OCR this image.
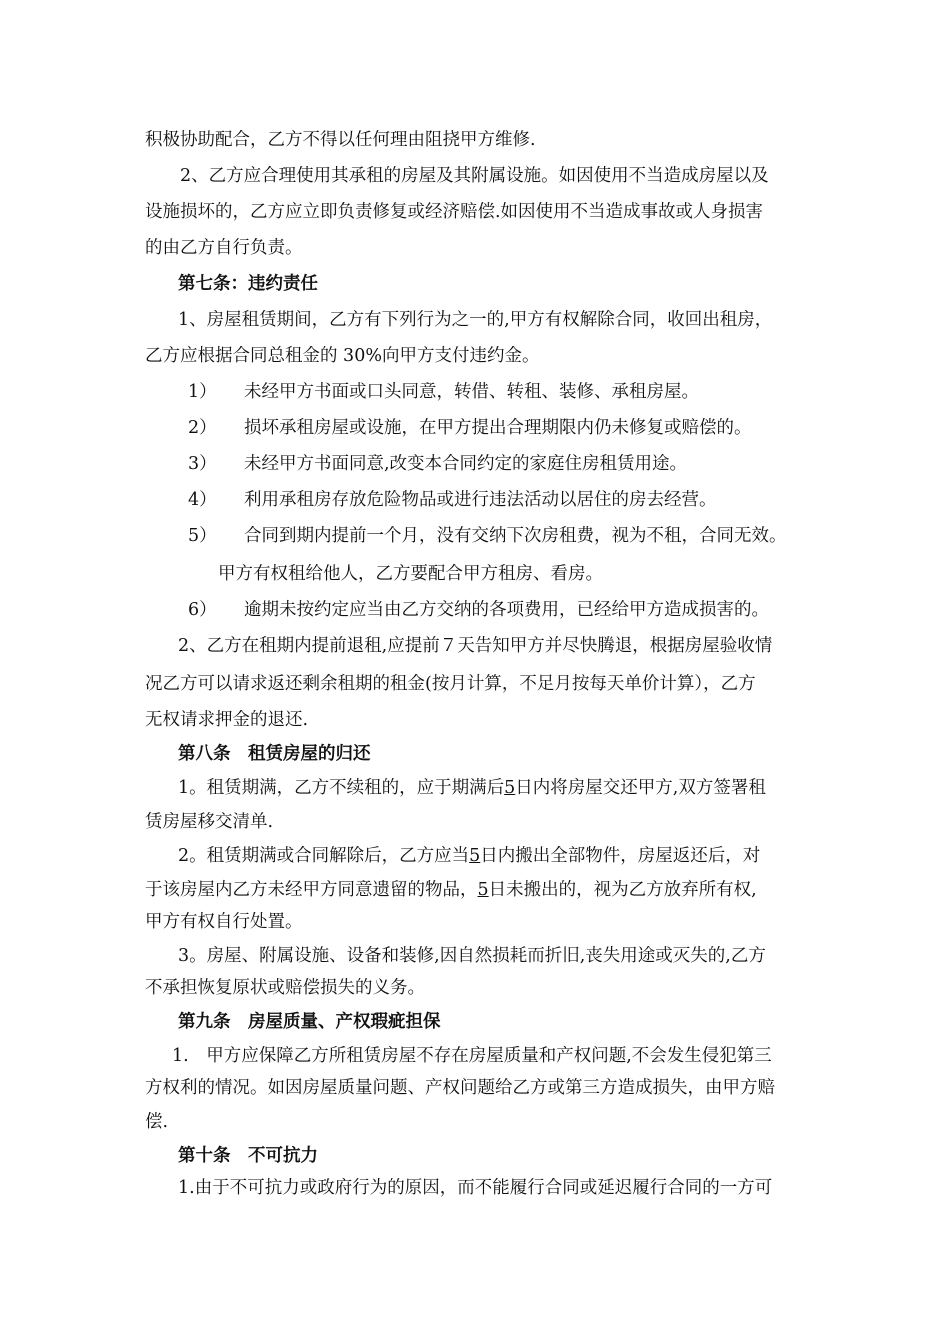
积极协助配合，乙方不得以任何理由阻挠甲方维修.

2、乙方应合理使用其承租的房屋及其附属设施。如因使用不当造成房屋以及

设施损坏的，乙方应立即负责修复或经济赔偿.如因使用不当造成事故或人身损害

的由乙方自行负责。

第七条：违约责任

1、房屋租赁期间，乙方有下列行为之一的,甲方有权解除合同，收回出租房，

乙方应根据合同总租金的 30%向甲方支付违约金。

1） 未经甲方书面或口头同意，转借、转租、装修、承租房屋。

2） 损坏承租房屋或设施，在甲方提出合理期限内仍未修复或赔偿的。

3） 未经甲方书面同意,改变本合同约定的家庭住房租赁用途。

4） 利用承租房存放危险物品或进行违法活动以居住的房去经营。

5） 合同到期内提前一个月，没有交纳下次房租费，视为不租，合同无效。

甲方有权租给他人，乙方要配合甲方租房、看房。

6） 逾期未按约定应当由乙方交纳的各项费用，已经给甲方造成损害的。

2、乙方在租期内提前退租,应提前７天告知甲方并尽快腾退，根据房屋验收情

况乙方可以请求返还剩余租期的租金(按月计算，不足月按每天单价计算），乙方

无权请求押金的退还.

第八条　租赁房屋的归还

1。租赁期满，乙方不续租的，应于期满后5日内将房屋交还甲方,双方签署租

赁房屋移交清单.

2。租赁期满或合同解除后，乙方应当5日内搬出全部物件，房屋返还后，对

于该房屋内乙方未经甲方同意遗留的物品，5日未搬出的，视为乙方放弃所有权,

甲方有权自行处置。

3。房屋、附属设施、设备和装修,因自然损耗而折旧,丧失用途或灭失的,乙方

不承担恢复原状或赔偿损失的义务。

第九条　房屋质量、产权瑕疵担保

1.　甲方应保障乙方所租赁房屋不存在房屋质量和产权问题,不会发生侵犯第三

方权利的情况。如因房屋质量问题、产权问题给乙方或第三方造成损失，由甲方赔

偿.

第十条　不可抗力

1.由于不可抗力或政府行为的原因，而不能履行合同或延迟履行合同的一方可
